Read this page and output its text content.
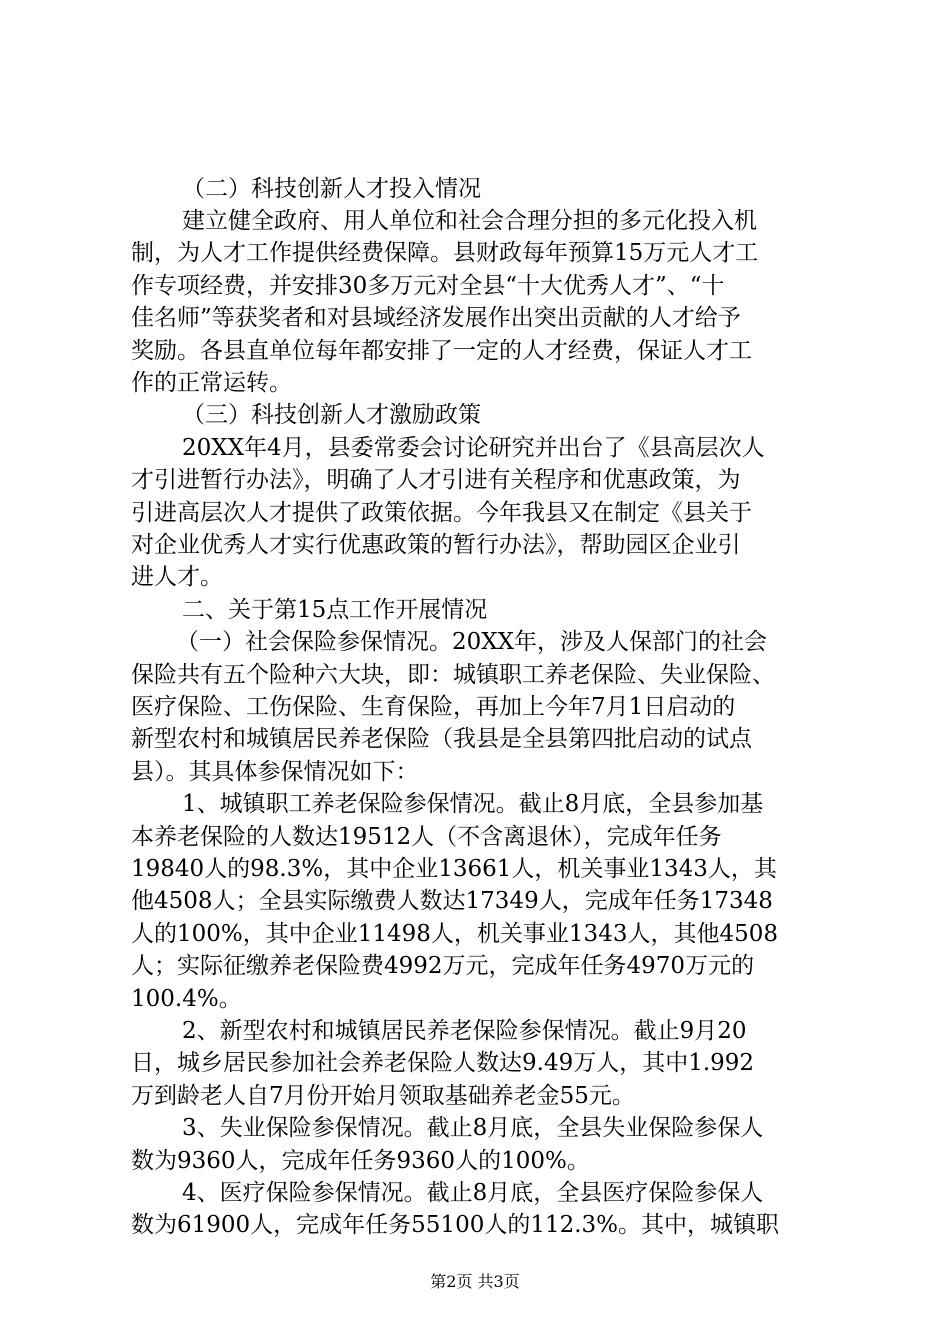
（二）科技创新人才投入情况
建立健全政府、用人单位和社会合理分担的多元化投入机
制，为人才工作提供经费保障。县财政每年预算15万元人才工
作专项经费，并安排30多万元对全县“十大优秀人才”、“十
佳名师”等获奖者和对县域经济发展作出突出贡献的人才给予
奖励。各县直单位每年都安排了一定的人才经费，保证人才工
作的正常运转。
（三）科技创新人才激励政策
20XX年4月，县委常委会讨论研究并出台了《县高层次人
才引进暂行办法》，明确了人才引进有关程序和优惠政策，为
引进高层次人才提供了政策依据。今年我县又在制定《县关于
对企业优秀人才实行优惠政策的暂行办法》，帮助园区企业引
进人才。
二、关于第15点工作开展情况
（一）社会保险参保情况。20XX年，涉及人保部门的社会
保险共有五个险种六大块，即：城镇职工养老保险、失业保险、
医疗保险、工伤保险、生育保险，再加上今年7月1日启动的
新型农村和城镇居民养老保险（我县是全县第四批启动的试点
县）。其具体参保情况如下：
1、城镇职工养老保险参保情况。截止8月底，全县参加基
本养老保险的人数达19512人（不含离退休），完成年任务
19840人的98.3%，其中企业13661人，机关事业1343人，其
他4508人；全县实际缴费人数达17349人，完成年任务17348
人的100%，其中企业11498人，机关事业1343人，其他4508
人；实际征缴养老保险费4992万元，完成年任务4970万元的
100.4%。
2、新型农村和城镇居民养老保险参保情况。截止9月20
日，城乡居民参加社会养老保险人数达9.49万人，其中1.992
万到龄老人自7月份开始月领取基础养老金55元。
3、失业保险参保情况。截止8月底，全县失业保险参保人
数为9360人，完成年任务9360人的100%。
4、医疗保险参保情况。截止8月底，全县医疗保险参保人
数为61900人，完成年任务55100人的112.3%。其中，城镇职
第2页 共3页
